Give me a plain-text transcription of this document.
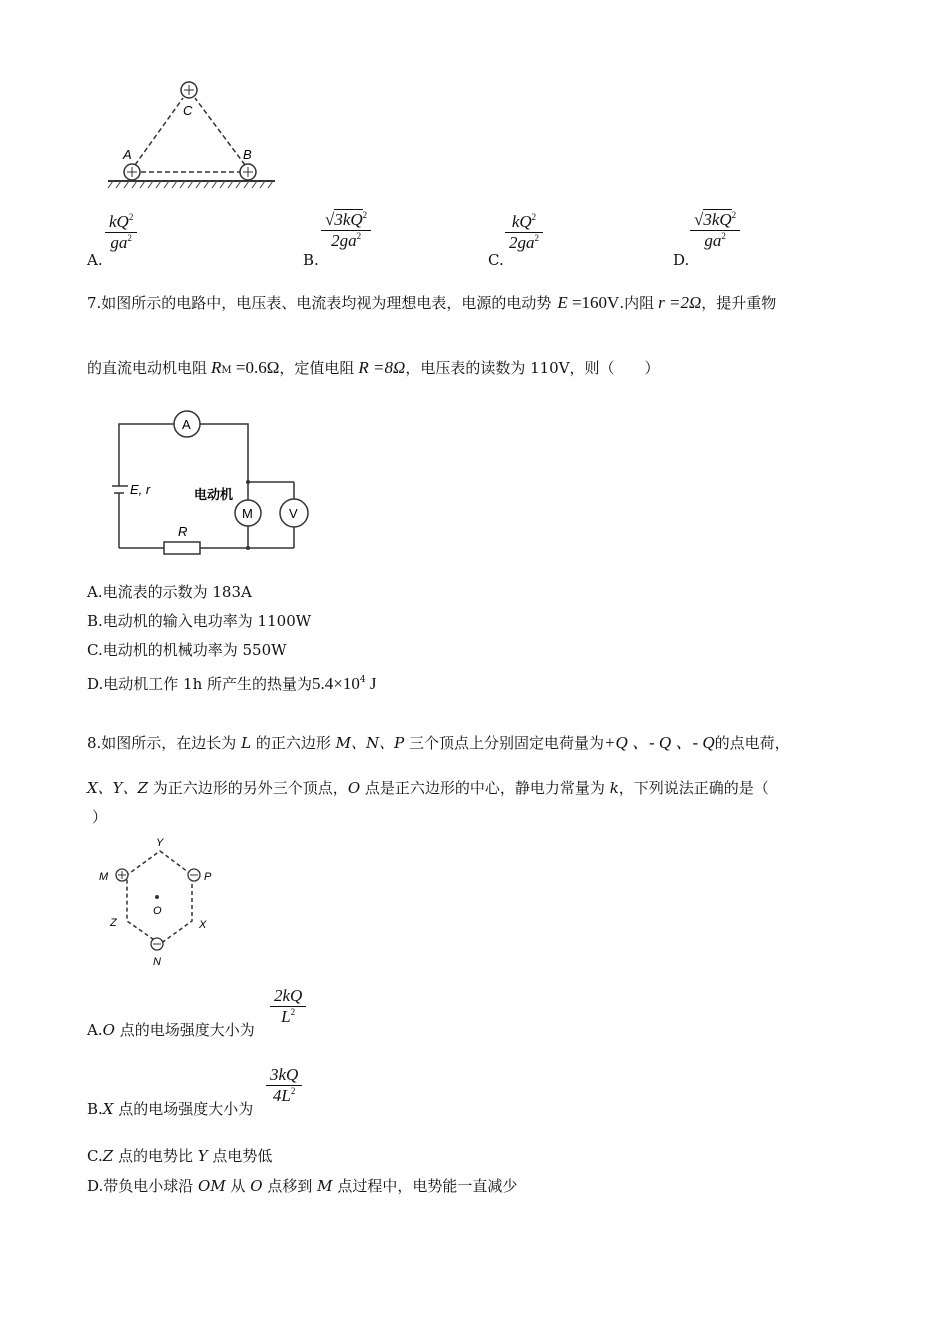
C
A	B
A.
$kQ^2$
$ga^2$
B.
$√3kQ^2$
$2ga^2$
C.
$kQ^2$
$2ga^2$
D.
$√3kQ^2$
$ga^2$
7.如图所示的电路中，电压表、电流表均视为理想电表，电源的电动势 E =160V.内阻 r =2Ω，提升重物
的直流电动机电阻 RM =0.6Ω，定值电阻 R =8Ω，电压表的读数为 110V，则（　　）
A
M	V
E, r	电动机
R
A.电流表的示数为 183A
B.电动机的输入电功率为 1100W
C.电动机的机械功率为 550W
D.电动机工作 1h 所产生的热量为$5.4\times 10^4$ J
8.如图所示，在边长为 L 的正六边形 M、N、P 三个顶点上分别固定电荷量为+Q 、- Q 、- Q的点电荷，
X、Y、Z 为正六边形的另外三个顶点，O 点是正六边形的中心，静电力常量为 k，下列说法正确的是（
）
Y
M	P
O
Z	X
N
A.O 点的电场强度大小为
2kQ
$L^2$
B.X 点的电场强度大小为
3kQ
$4L^2$
C.Z 点的电势比 Y 点电势低
D.带负电小球沿 OM 从 O 点移到 M 点过程中，电势能一直减少
